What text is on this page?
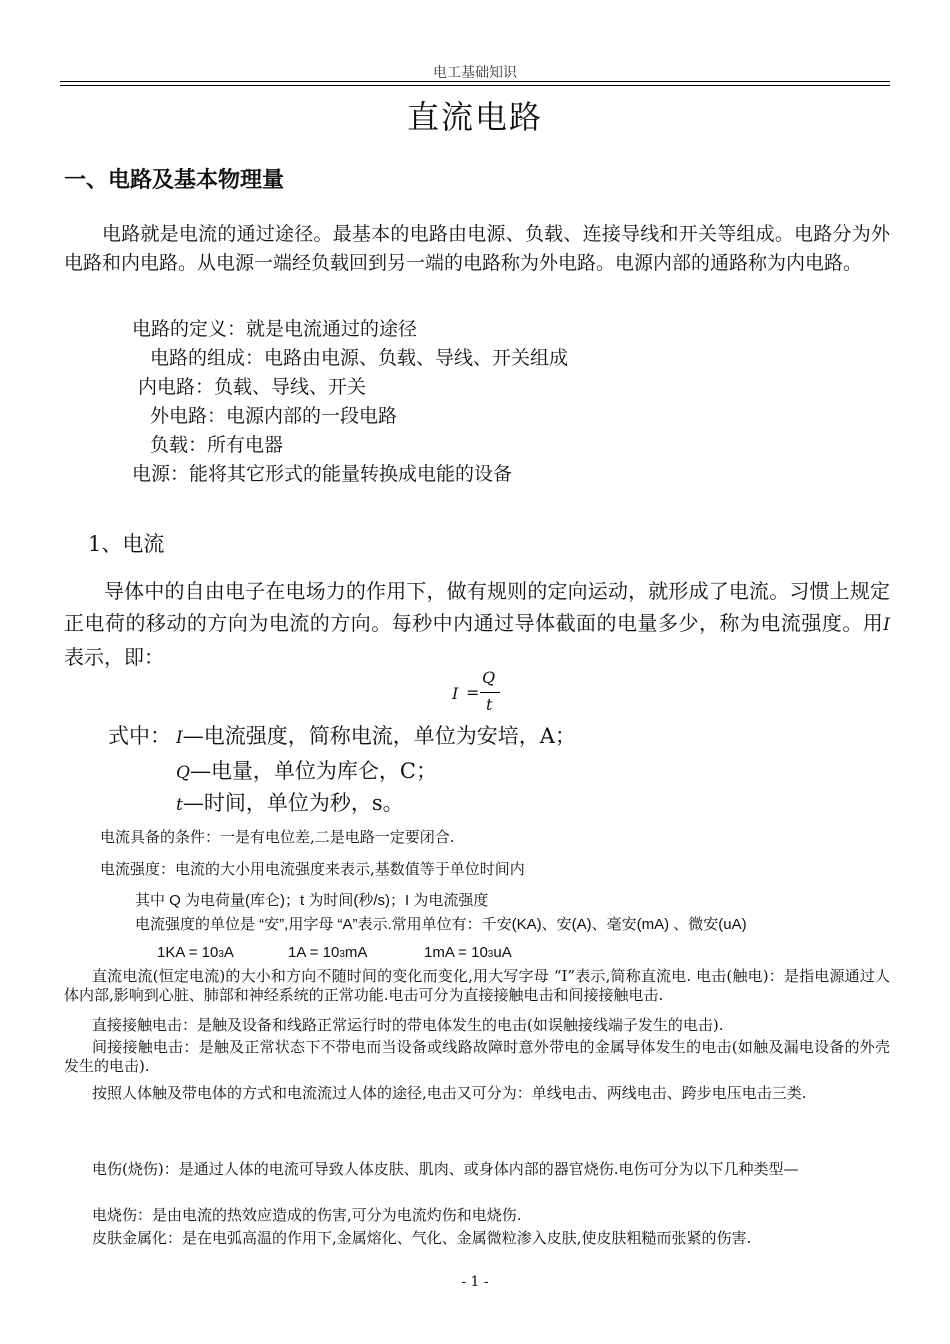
电工基础知识
直流电路
一、电路及基本物理量
电路就是电流的通过途径。最基本的电路由电源、负载、连接导线和开关等组成。电路分为外电路和内电路。从电源一端经负载回到另一端的电路称为外电路。电源内部的通路称为内电路。
电路的定义：就是电流通过的途径
电路的组成：电路由电源、负载、导线、开关组成
内电路：负载、导线、开关
外电路：电源内部的一段电路
负载：所有电器
电源：能将其它形式的能量转换成电能的设备
1、电流
导体中的自由电子在电场力的作用下，做有规则的定向运动，就形成了电流。习惯上规定正电荷的移动的方向为电流的方向。每秒中内通过导体截面的电量多少，称为电流强度。用I表示，即：
I =
Q
t
式中： I—电流强度，简称电流，单位为安培，A；
Q—电量，单位为库仑，C；
t—时间，单位为秒，s。
电流具备的条件：一是有电位差,二是电路一定要闭合.
电流强度：电流的大小用电流强度来表示,基数值等于单位时间内
其中 Q 为电荷量(库仑)；t 为时间(秒/s)；I 为电流强度
电流强度的单位是 “安”,用字母 “A”表示.常用单位有：千安(KA)、安(A)、毫安(mA) 、微安(uA)
1KA = 103A	1A = 103mA	1mA = 103uA
直流电流(恒定电流)的大小和方向不随时间的变化而变化,用大写字母 “I”表示,简称直流电. 电击(触电)：是指电源通过人体内部,影响到心脏、肺部和神经系统的正常功能.电击可分为直接接触电击和间接接触电击.
直接接触电击：是触及设备和线路正常运行时的带电体发生的电击(如误触接线端子发生的电击).
间接接触电击：是触及正常状态下不带电而当设备或线路故障时意外带电的金属导体发生的电击(如触及漏电设备的外壳发生的电击).
按照人体触及带电体的方式和电流流过人体的途径,电击又可分为：单线电击、两线电击、跨步电压电击三类.
电伤(烧伤)：是通过人体的电流可导致人体皮肤、肌肉、或身体内部的器官烧伤.电伤可分为以下几种类型—
电烧伤：是由电流的热效应造成的伤害,可分为电流灼伤和电烧伤.
皮肤金属化：是在电弧高温的作用下,金属熔化、气化、金属微粒渗入皮肤,使皮肤粗糙而张紧的伤害.
- 1 -
